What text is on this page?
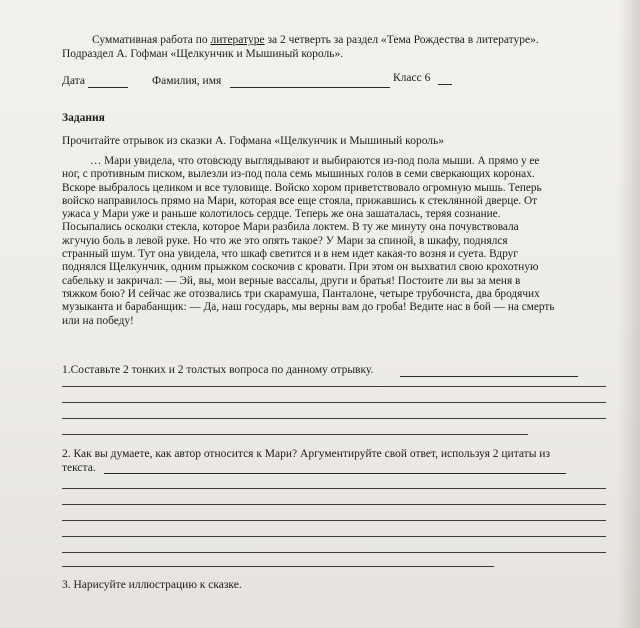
Суммативная работа по литературе за 2 четверть за раздел «Тема Рождества в литературе».
Подраздел А. Гофман «Щелкунчик и Мышиный король».
Дата	Фамилия, имя	Класс 6
Задания
Прочитайте отрывок из сказки А. Гофмана «Щелкунчик и Мышиный король»
… Мари увидела, что отовсюду выглядывают и выбираются из-под пола мыши. А прямо у ее
ног, с противным писком, вылезли из-под пола семь мышиных голов в семи сверкающих коронах.
Вскоре выбралось целиком и все туловище. Войско хором приветствовало огромную мышь. Теперь
войско направилось прямо на Мари, которая все еще стояла, прижавшись к стеклянной дверце. От
ужаса у Мари уже и раньше колотилось сердце. Теперь же она зашаталась, теряя сознание.
Посыпались осколки стекла, которое Мари разбила локтем. В ту же минуту она почувствовала
жгучую боль в левой руке. Но что же это опять такое? У Мари за спиной, в шкафу, поднялся
странный шум. Тут она увидела, что шкаф светится и в нем идет какая-то возня и суета. Вдруг
поднялся Щелкунчик, одним прыжком соскочив с кровати. При этом он выхватил свою крохотную
сабельку и закричал: — Эй, вы, мои верные вассалы, други и братья! Постоите ли вы за меня в
тяжком бою? И сейчас же отозвались три скарамуша, Панталоне, четыре трубочиста, два бродячих
музыканта и барабанщик: — Да, наш государь, мы верны вам до гроба! Ведите нас в бой — на смерть
или на победу!
1.Составьте 2 тонких и 2 толстых вопроса по данному отрывку.
2. Как вы думаете, как автор относится к Мари? Аргументируйте свой ответ, используя 2 цитаты из
текста.
3. Нарисуйте иллюстрацию к сказке.
